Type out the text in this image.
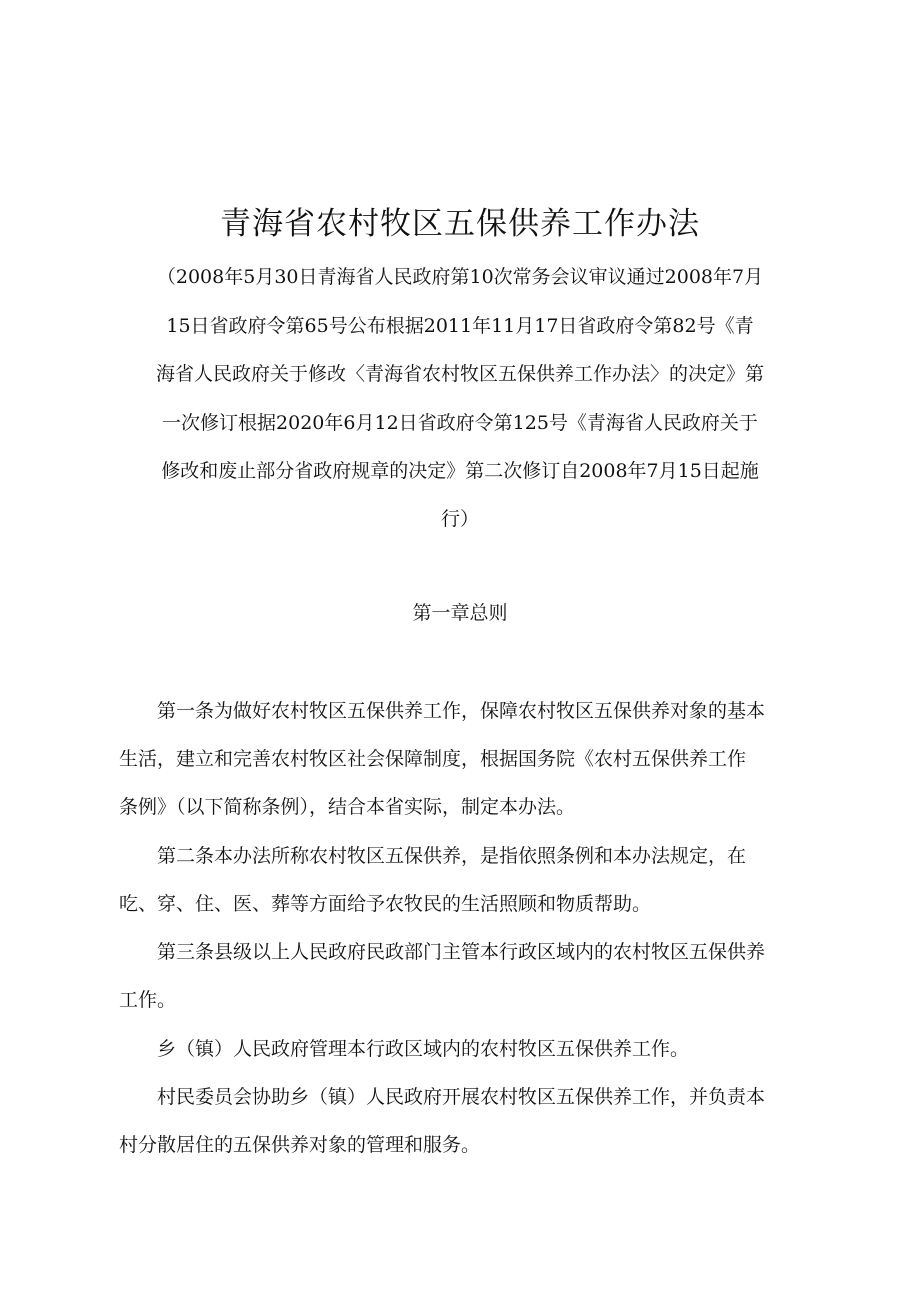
青海省农村牧区五保供养工作办法
（2008年5月30日青海省人民政府第10次常务会议审议通过2008年7月
15日省政府令第65号公布根据2011年11月17日省政府令第82号《青
海省人民政府关于修改〈青海省农村牧区五保供养工作办法〉的决定》第
一次修订根据2020年6月12日省政府令第125号《青海省人民政府关于
修改和废止部分省政府规章的决定》第二次修订自2008年7月15日起施
行）
第一章总则
第一条为做好农村牧区五保供养工作，保障农村牧区五保供养对象的基本
生活，建立和完善农村牧区社会保障制度，根据国务院《农村五保供养工作
条例》（以下简称条例），结合本省实际，制定本办法。
第二条本办法所称农村牧区五保供养，是指依照条例和本办法规定，在
吃、穿、住、医、葬等方面给予农牧民的生活照顾和物质帮助。
第三条县级以上人民政府民政部门主管本行政区域内的农村牧区五保供养
工作。
乡（镇）人民政府管理本行政区域内的农村牧区五保供养工作。
村民委员会协助乡（镇）人民政府开展农村牧区五保供养工作，并负责本
村分散居住的五保供养对象的管理和服务。
